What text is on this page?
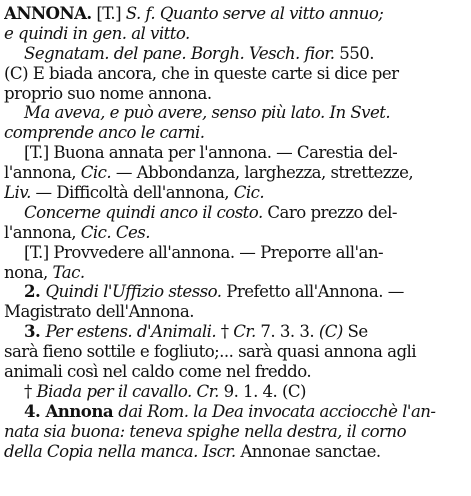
ANNONA. [T.] S. f. Quanto serve al vitto annuo;
e quindi in gen. al vitto.
Segnatam. del pane. Borgh. Vesch. fior. 550.
(C) E biada ancora, che in queste carte si dice per
proprio suo nome annona.
Ma aveva, e può avere, senso più lato. In Svet.
comprende anco le carni.
[T.] Buona annata per l'annona. — Carestia del-
l'annona, Cic. — Abbondanza, larghezza, strettezze,
Liv. — Difficoltà dell'annona, Cic.
Concerne quindi anco il costo. Caro prezzo del-
l'annona, Cic. Ces.
[T.] Provvedere all'annona. — Preporre all'an-
nona, Tac.
2. Quindi l'Uffizio stesso. Prefetto all'Annona. —
Magistrato dell'Annona.
3. Per estens. d'Animali. † Cr. 7. 3. 3. (C) Se
sarà fieno sottile e fogliuto;... sarà quasi annona agli
animali così nel caldo come nel freddo.
† Biada per il cavallo. Cr. 9. 1. 4. (C)
4. Annona dai Rom. la Dea invocata acciocchè l'an-
nata sia buona: teneva spighe nella destra, il corno
della Copia nella manca. Iscr. Annonae sanctae.
